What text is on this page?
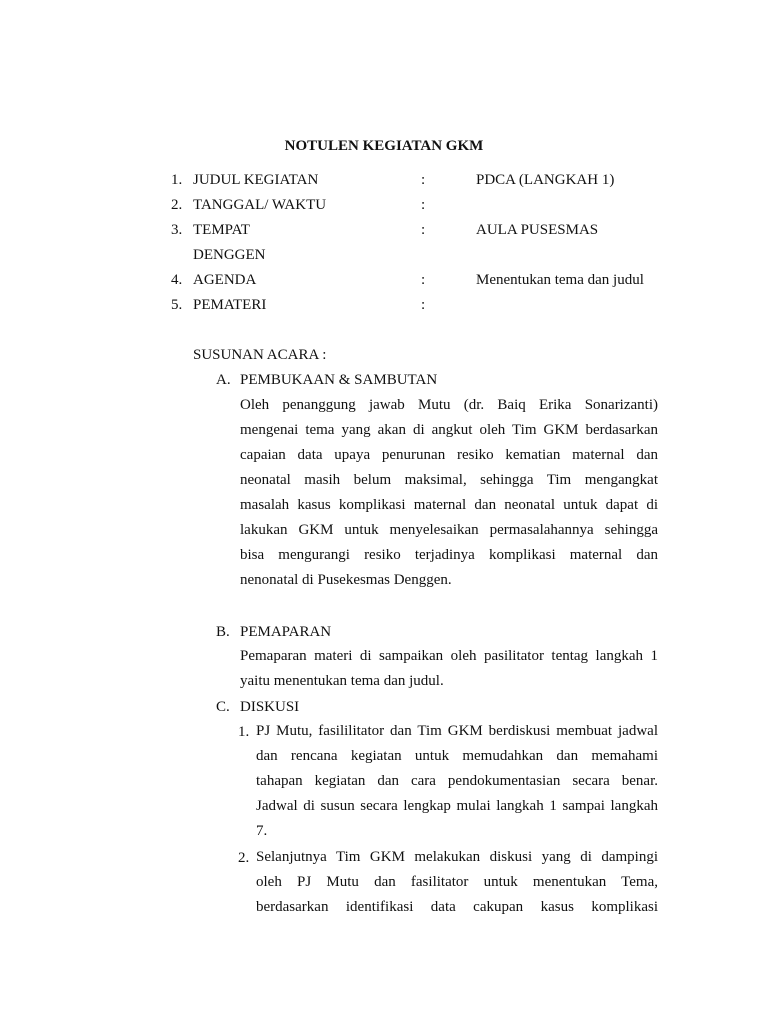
NOTULEN KEGIATAN GKM
1. JUDUL KEGIATAN	:	PDCA (LANGKAH 1)
2. TANGGAL/ WAKTU	:
3. TEMPAT	:	AULA PUSESMAS
DENGGEN
4. AGENDA	:	Menentukan tema dan judul
5. PEMATERI	:
SUSUNAN ACARA :
A. PEMBUKAAN & SAMBUTAN
Oleh penanggung jawab Mutu (dr. Baiq Erika Sonarizanti)
mengenai tema yang akan di angkut oleh Tim GKM berdasarkan
capaian data upaya penurunan resiko kematian maternal dan
neonatal masih belum maksimal, sehingga Tim mengangkat
masalah kasus komplikasi maternal dan neonatal untuk dapat di
lakukan GKM untuk menyelesaikan permasalahannya sehingga
bisa mengurangi resiko terjadinya komplikasi maternal dan
nenonatal di Pusekesmas Denggen.
B. PEMAPARAN
Pemaparan materi di sampaikan oleh pasilitator tentag langkah 1
yaitu menentukan tema dan judul.
C. DISKUSI
1. PJ Mutu, fasililitator dan Tim GKM berdiskusi membuat jadwal
dan rencana kegiatan untuk memudahkan dan memahami
tahapan kegiatan dan cara pendokumentasian secara benar.
Jadwal di susun secara lengkap mulai langkah 1 sampai langkah
7.
2. Selanjutnya Tim GKM melakukan diskusi yang di dampingi
oleh PJ Mutu dan fasilitator untuk menentukan Tema,
berdasarkan identifikasi data cakupan kasus komplikasi
